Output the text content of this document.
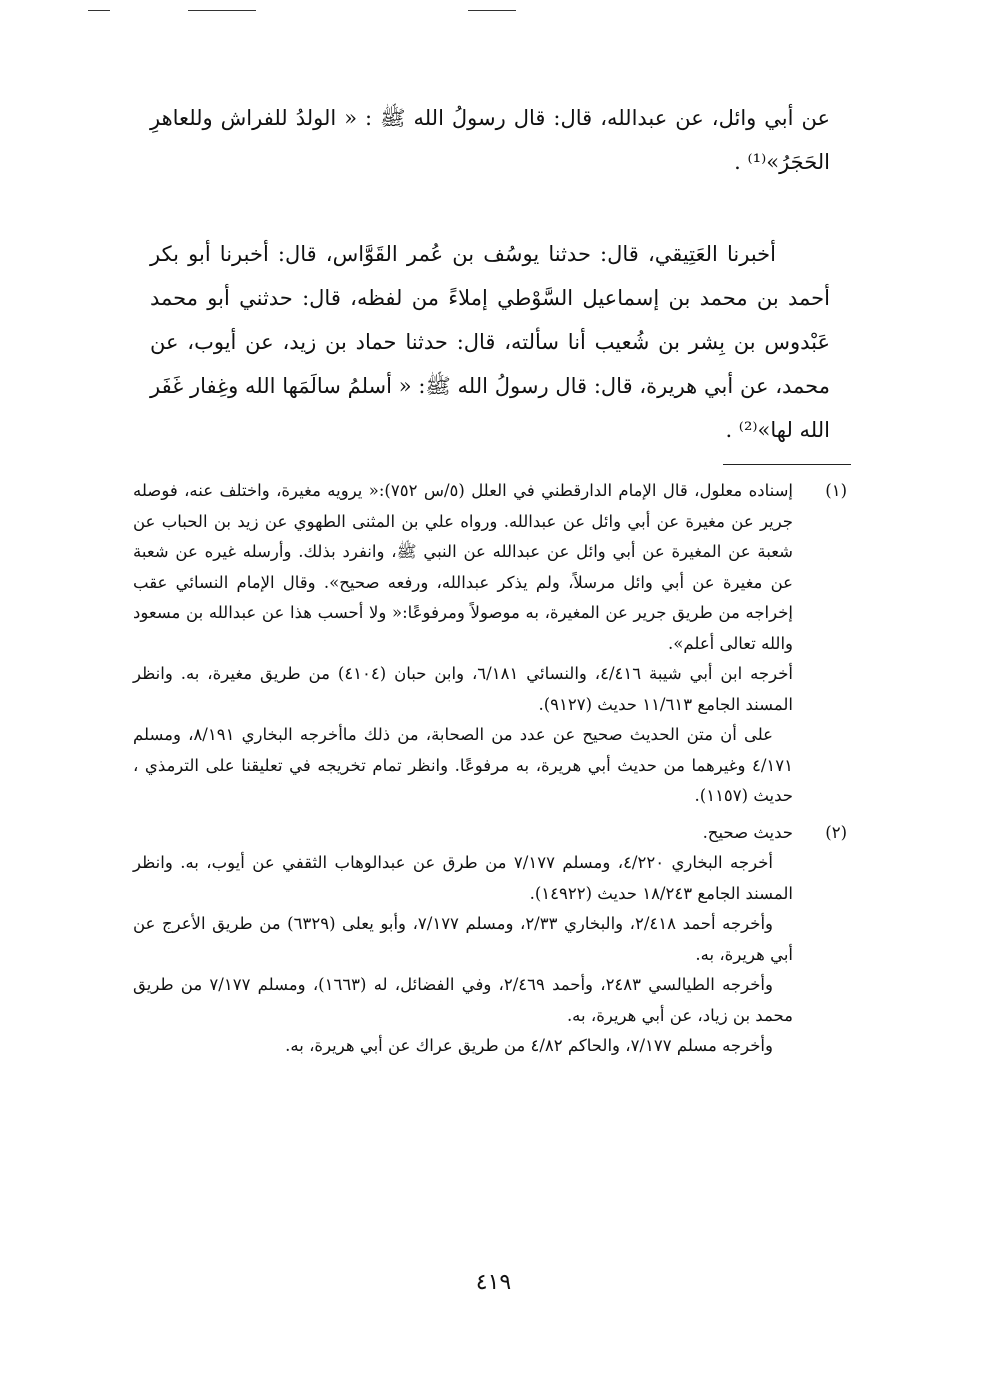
عن أبي وائل، عن عبدالله، قال: قال رسولُ الله ﷺ : « الولدُ للفراش وللعاهرِ الحَجَرُ»⁽¹⁾ .

أخبرنا العَتِيقي، قال: حدثنا يوسُف بن عُمر القَوَّاس، قال: أخبرنا أبو بكر أحمد بن محمد بن إسماعيل السَّوْطي إملاءً من لفظه، قال: حدثني أبو محمد عَبْدوس بن بِشر بن شُعيب أنا سألته، قال: حدثنا حماد بن زيد، عن أيوب، عن محمد، عن أبي هريرة، قال: قال رسولُ الله ﷺ: « أسلمُ سالَمَها الله وغِفار غَفَر الله لها»⁽²⁾ .

(١)

إسناده معلول، قال الإمام الدارقطني في العلل (٥/س ٧٥٢):« يرويه مغيرة، واختلف عنه، فوصله جرير عن مغيرة عن أبي وائل عن عبدالله. ورواه علي بن المثنى الطهوي عن زيد بن الحباب عن شعبة عن المغيرة عن أبي وائل عن عبدالله عن النبي ﷺ، وانفرد بذلك. وأرسله غيره عن شعبة عن مغيرة عن أبي وائل مرسلاً، ولم يذكر عبدالله، ورفعه صحيح». وقال الإمام النسائي عقب إخراجه من طريق جرير عن المغيرة، به موصولاً ومرفوعًا:« ولا أحسب هذا عن عبدالله بن مسعود والله تعالى أعلم».

أخرجه ابن أبي شيبة ٤/٤١٦، والنسائي ٦/١٨١، وابن حبان (٤١٠٤) من طريق مغيرة، به. وانظر المسند الجامع ١١/٦١٣ حديث (٩١٢٧).

على أن متن الحديث صحيح عن عدد من الصحابة، من ذلك ماأخرجه البخاري ٨/١٩١، ومسلم ٤/١٧١ وغيرهما من حديث أبي هريرة، به مرفوعًا. وانظر تمام تخريجه في تعليقنا على الترمذي ، حديث (١١٥٧).

(٢)

حديث صحيح.

أخرجه البخاري ٤/٢٢٠، ومسلم ٧/١٧٧ من طرق عن عبدالوهاب الثقفي عن أيوب، به. وانظر المسند الجامع ١٨/٢٤٣ حديث (١٤٩٢٢).

وأخرجه أحمد ٢/٤١٨، والبخاري ٢/٣٣، ومسلم ٧/١٧٧، وأبو يعلى (٦٣٢٩) من طريق الأعرج عن أبي هريرة، به.

وأخرجه الطيالسي ٢٤٨٣، وأحمد ٢/٤٦٩، وفي الفضائل، له (١٦٦٣)، ومسلم ٧/١٧٧ من طريق محمد بن زياد، عن أبي هريرة، به.

وأخرجه مسلم ٧/١٧٧، والحاكم ٤/٨٢ من طريق عراك عن أبي هريرة، به.

٤١٩
